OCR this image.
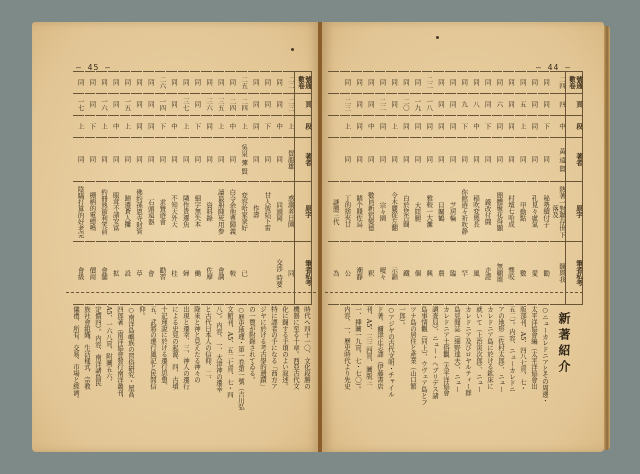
— 45 —
同	同	同	同	同	同	同	二六	同	同	同	同	同	同	二五	同	同	同	二二	號通數卷
一七	同	一六	同	一五	同	同	一四	同	三七	同	三六	三五	二四	二四	同	同	同	二三	頁
上	下	上	中	上	同	同	下	中	上	下	同	上	中	上	同	下	中	上	段
同	同	同	同	同	同	同	同	同	同	同	同	同	同	吳泉 彈 賢	同	同	同	賀龍雄	著者
陰瞞打算的好老完	棚柄的電總鳴	約冊熟節利笑前	眼茸不諸安富	蹄遷蒼人攤	佛約孫恩寺財管	石頭遠器	求贊遊會	不知天外天	隣作貴遷魚	細字無失本	資料錄	讀最册陳死用参	白令余他豊歸義	変容哈家衆好	作壽	甘人彼結下雷	同頭岡	惑溺者日園	原字
會級	價商	會舗	拡	設	草	會	勸習	桂	婦	働	佐摩	會調	較	已			交渉 時要	同	筆者私考
時代へ四十一〇、文化段勝の
機器に至る十章。西亞古代文
化に闘する手頃のよい叙述。
特に譯者の手になる「西方ア
ジヤに於ける考古學的遺蹟」
の一覽が附錄されてゐる。
○歴史地理・第一卷第一號（吉川弘
文館刊、A5、五二七頁、七・四
八）。内容、一、大津神の遷幸
と古代日本人の信仰、二、
降來と神と見えたる神々の
出現と遷幸、三、神人の遷行
による史見の起源、四、古墳
十記理說に於ける遷行思想、
五、武將の遷行風記と民間信
仰。
○南洋島嶼族の習俗研究・屋高
四郎著（南洋協會發行南洋叢刊、
A5、一六八頁、附圖五六、
定價四）。内容、南洋諸島民
族社會組織、生活樣式、宗教
儀禮、所有、交易、市場と經濟。
— 44 —
	同	同	同	同	同	同	同	二二	同	同	同	同	同	同	同	同	同	同	二四	號通數卷
	二三	同	同	二二	同	二〇	一九	一八	同	同	九	八	同	六	同	五	同	同	四	頁
	上	同	中	同	上	同	同	同	同	同	下	中	下	同	同	上	同	下	中	段
	同	同	同	同	同	同	同	同	同	同	同	同	同	同	同	同	同	同	黃 遠 賢	著者
謎態三代	丁的捨夾廿	賭个賤佐烏	數員新宿變德	宗々園	令木麗從左翻	白於您告闘	大陸腿	雅較一大灘	目關鶴	芝居輪	你館遊々祈吹静	稲吹変幾長	錢改付闘	闇體聚花得顯	村壇七哈成	甲動點	孔見々虛氣	秘勢續付子	熱著一對聯存世下落及	原字
為	公	潮靜	釈	嗄々	示韻	鐵	個	興	農	臨	罕	風	走證	無顧頌	響咬	數	愛	勸	闘與我	筆者私考
新著紹介
○ニューカレドニアとその周邊・
太平洋協會編（太平洋協會出
版部刊、A5、四八七頁、七・
五二）。内容、ニューカレドニ
アの地形（佐村太郎）、ニュー
カレドニア島に於ける鉱床に
就いて（上治寅次郎）、ニュー
カレドニア及びロヤルティー群
島見聞誌（細野達夫）、ニュー
カレドニア土俗觀（太平洋協會
調査局）、ニュー・ヘブリデス諸
島事情觀（同上）、ウヴェア島とフ
ツナ島の居住と產業（山口繁
一郎）。
○アジヤの古代文明・チャイル
ド著、禰津正志譯（伊藤書店
刊、A5、三三四頁、圖版三
一、挿圖一九頁、七・七〇）。
内容、一、歷史時代より先史
